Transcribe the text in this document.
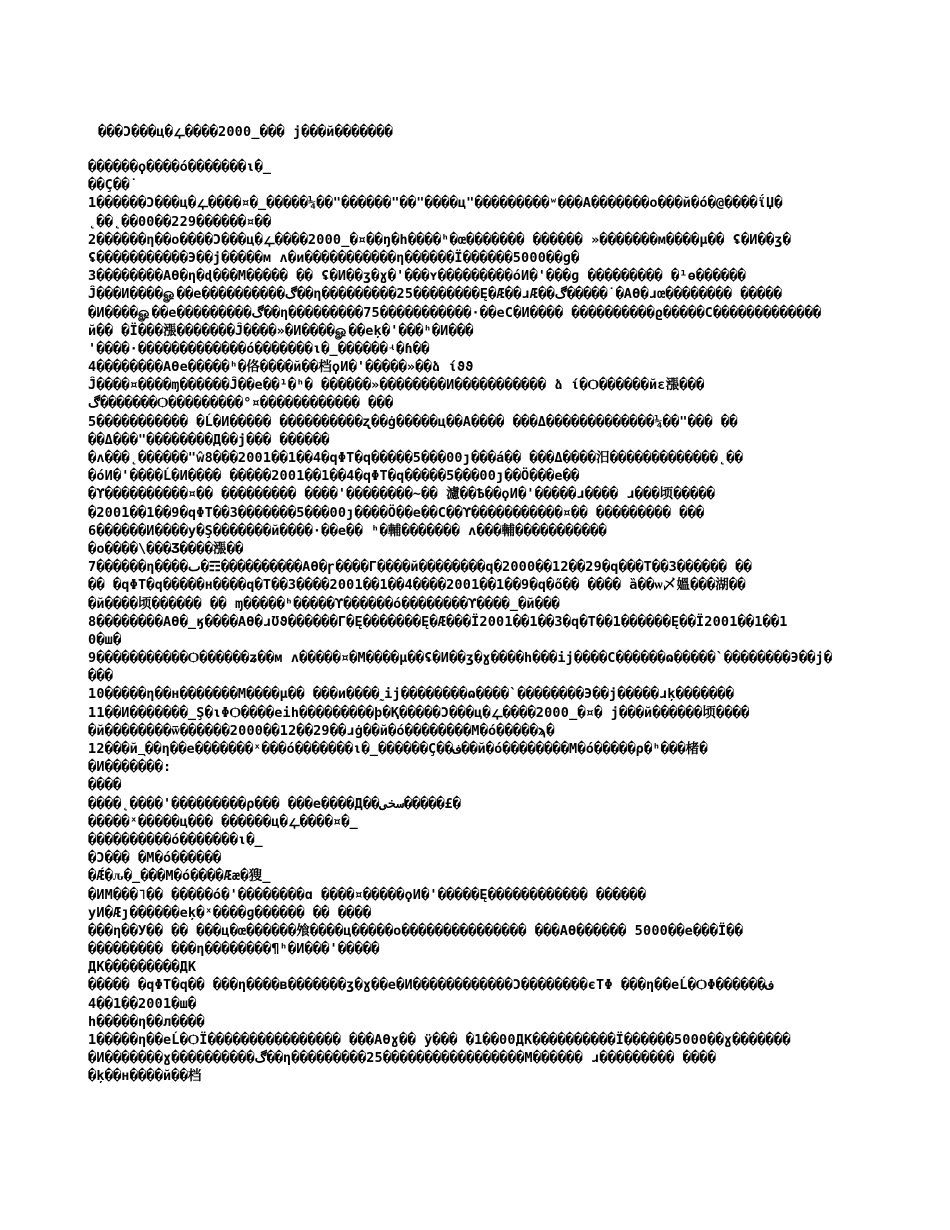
���Ͻ���ц�ഺ����2000_��� ϳ���й�������
������ϙ����ό�������ι�_
��Ç��˙
1������Ͻ���ц�ഺ����¤�_�����¼��"������"��"����ц"���������ʷ���A�������օ���й�ό�@����ΐЏ�
˛��˛��00��229������¤��
2������η��օ����Ͻ���ц�ഺ����2000_�¤��ŋ�h����ʰ�œ������� ������ »�������м����μ�� ʢ�И��ʒ�
ʢ�����������Э��ϳ�����м ʌ�и�����������η������Ї������5000��ɡ�
3��������Aϴ�η�ɖ���М����� �� ʢ�И��ʒ�ɣ�'���ʏ���������όИ�'���ɡ ��������� �¹ɵ������
Ĵ���И����ௐ��е����������ڰ��η���������25��������Ę�Æ��ɹÆ��ڰ�����˙�Aϴ�ɹœ�������� �����
�И����ௐ��е���������ڰ��η���������75�����������·��еϹ�И���� ����������ϱ�����С�������������
й�� �Ϊ���漲�������Ĵ����»�И����ௐ��еķ�'���ʰ�И���
'����·�������������ό�������ι�_������ʵ�ɦ��
4��������Aϴе�����ʰ�佫����й��档ϙИ�'�����»��ձ ίϑϑ
Ĵ����¤����ɱ������Ĵ��е��¹�ʰ� ������»��������И����������� ձ ί�Ѻ������йε漲���
ڰ�������Ѻ���������°¤������������ ���
5����������� �Ĺ�И����� ����������ʐ��ġ�����ц��A���� ���Δ�������������¼��"��� ��
��Δ���"��������Д��ϳ��� ������
�ʌ���˛������"ŵ8���2001��1��4�qΦТ�q�����5���00ȷ���á�� ���Δ����汨�������������˛��
�όИ�'����Ĺ�И���� �����2001��1��4�qΦТ�q�����5���00ȷ��Ö���е��
�ϒ����������¤�� ��������� ����'��������~�� 濾��Ѣ��ϙИ�'�����ɹ���� ɹ���顷�����
�2001��1��9�qΦТ��3�������5���00ȷ����Ö��е��С��ϒ�����������¤�� ��������� ���
6������И����у�Ş�������й����·��е�� ʰ�輔������� ʌ���輔�����������
�օ����\���Ʒ����漲��
7������η����ٮ�☶����������Aϴ�ɼ����Г����й��������q�2000��12��29�q���Т��3������ ��
�� �qΦТ�q�����н����q�Т��3����2001��1��4����2001��1��9�q�ő�� ���� ȁ��ѡ乄媼���湖��
�й����顷������ �� ɱ�����ʰ�����ϒ������ό��������ϒ����_�й���
8��������Aϴ�_ӄ����Aϴ�ɹƱϑ������Г�Ę�������Ę�Æ���Ї2001��1��3�q�Т��1������Ę��Ї2001��1��1
0�ш�
9�����������Ѻ������ʑ��м ʌ�����¤�М����μ��ʢ�И��ʒ�ɣ����h���ij����С������ɷ�����`��������Э��ϳ�
���
10�����η��н�������М����μ�� ���и����˷ij��������ɷ����`��������Э��ϳ�����ɹķ�������
11��И�������_Ş�ιΦѺ����еіh���������þ�Қ�����Ͻ���ц�ഺ����2000_�¤� ϳ���й������顷����
�й��������ѿ������2000��12��29��ɹġ��й�ό��������М�ό�����ϡ�
12���й_ͅ��η��е�������ˣ���ό�������ι�_������Ç��ف��й�ό��������М�ό�����ρ�ʰ���楮�
�И�������:
����
����˛����'���������ρ��� ���е����Д��سخى�����£�
�����ˣ�����ц��� ������ц�ഺ����¤�_
����������ό�������ι�_
�Ͻ��� �М�ό������
�Ǽ�ԉ�_���М�ό����Ææ�獀_
�ИМ���˥�� �����ό�'��������ɑ ����¤�����ϙИ�'�����Ę������������ ������
уИ�Æȷ������еķ�ˣ����ɡ������ �� ����
���η��У�� �� ���ц�œ������飧����ц�����օ��������������� ���Aϴ������ 5000��е���Ї��
��������� ���η��������¶ʰ�И���'�����
ДК���������ДК
����� �qΦТ�q�� ���η����в�������ʒ�ɣ��е�И������������Ͻ��������єΤΦ ���η��еĹ�ѺΦ������ف
4��1��2001�ш�
h�����η��л����
1�����η��еĹ�ѺΪ���������������� ���Aϴɣ�� ÿ��� �1��00ДК����������Ї������5000��ɣ�������
�И�������ɣ����������ڰ��η���������25�����������������М������ ɹ��������� ����
�ķ��н����й��档
